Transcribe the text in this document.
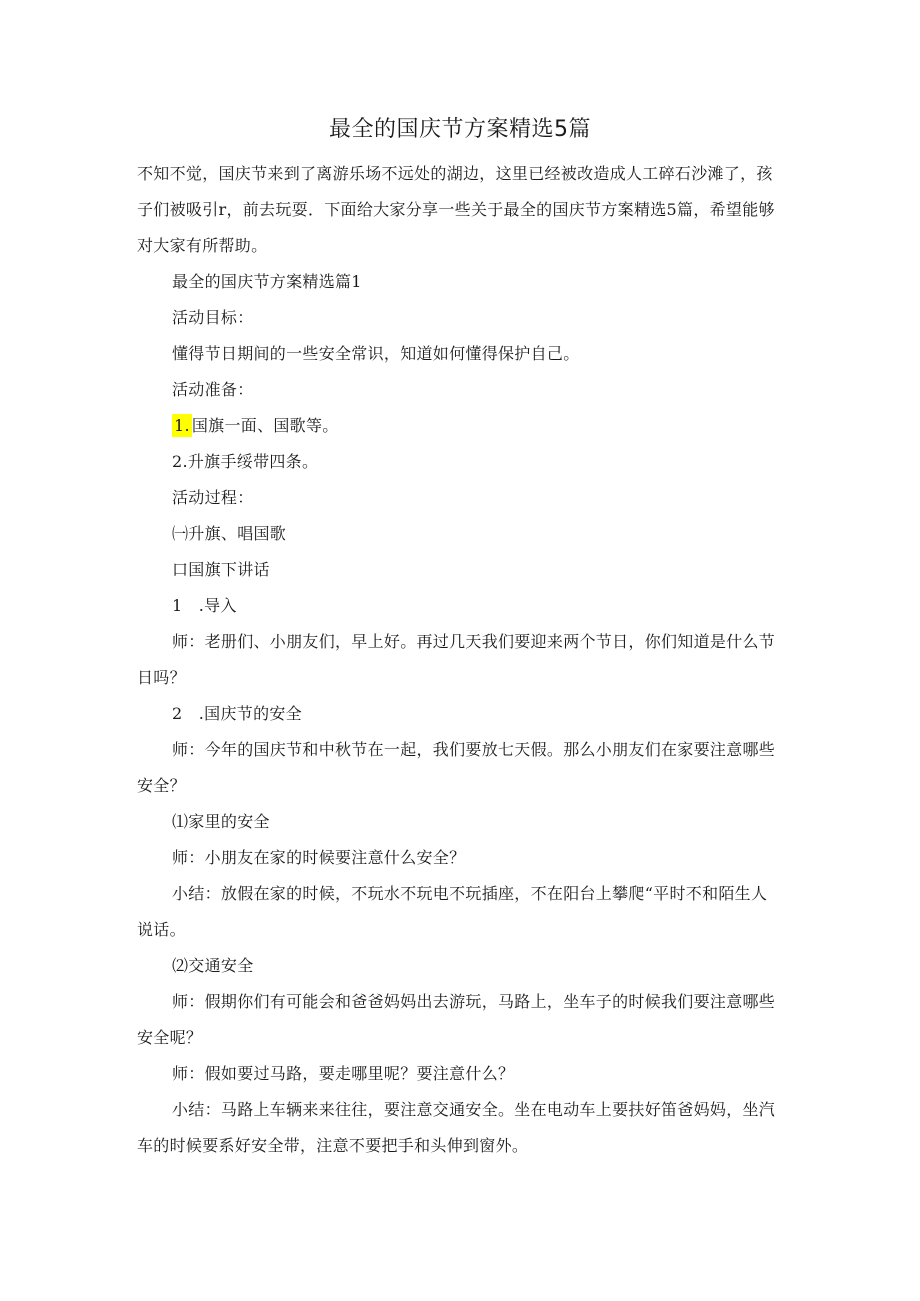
最全的国庆节方案精选5篇

不知不觉，国庆节来到了离游乐场不远处的湖边，这里已经被改造成人工碎石沙滩了，孩子们被吸引r，前去玩耍．下面给大家分享一些关于最全的国庆节方案精选5篇，希望能够对大家有所帮助。

最全的国庆节方案精选篇1

活动目标：

懂得节日期间的一些安全常识，知道如何懂得保护自己。

活动准备：

1. 国旗一面、国歌等。

2.升旗手绥带四条。

活动过程：

㈠升旗、唱国歌

口国旗下讲话

1　.导入

师：老册们、小朋友们，早上好。再过几天我们要迎来两个节日，你们知道是什么节日吗？

2　.国庆节的安全

师：今年的国庆节和中秋节在一起，我们要放七天假。那么小朋友们在家要注意哪些安全？

⑴家里的安全

师：小朋友在家的时候要注意什么安全？

小结：放假在家的时候，不玩水不玩电不玩插座，不在阳台上攀爬“平时不和陌生人说话。

⑵交通安全

师：假期你们有可能会和爸爸妈妈出去游玩，马路上，坐车子的时候我们要注意哪些安全呢？

师：假如要过马路，要走哪里呢？要注意什么？

小结：马路上车辆来来往往，要注意交通安全。坐在电动车上要扶好笛爸妈妈，坐汽车的时候要系好安全带，注意不要把手和头伸到窗外。
